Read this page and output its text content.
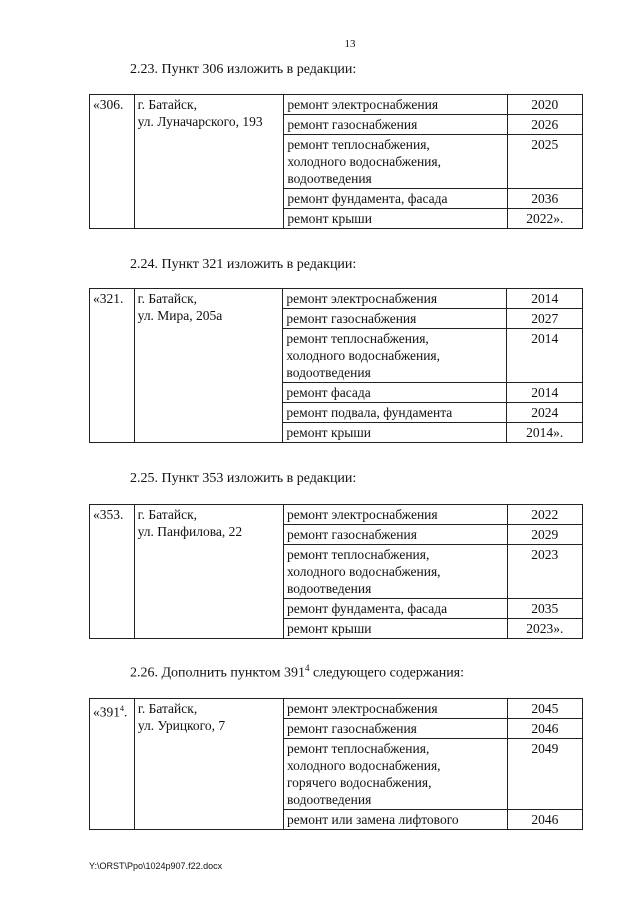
13
2.23. Пункт 306 изложить в редакции:
«306.	г. Батайск,
ул. Луначарского, 193	ремонт электроснабжения	2020

		ремонт газоснабжения	2026

		ремонт теплоснабжения,
холодного водоснабжения,
водоотведения	2025

		ремонт фундамента, фасада	2036

		ремонт крыши	2022».
2.24. Пункт 321 изложить в редакции:
«321.	г. Батайск,
ул. Мира, 205а	ремонт электроснабжения	2014

		ремонт газоснабжения	2027

		ремонт теплоснабжения,
холодного водоснабжения,
водоотведения	2014

		ремонт фасада	2014

		ремонт подвала, фундамента	2024

		ремонт крыши	2014».
2.25. Пункт 353 изложить в редакции:
«353.	г. Батайск,
ул. Панфилова, 22	ремонт электроснабжения	2022

		ремонт газоснабжения	2029

		ремонт теплоснабжения,
холодного водоснабжения,
водоотведения	2023

		ремонт фундамента, фасада	2035

		ремонт крыши	2023».
2.26. Дополнить пунктом $391^4$ следующего содержания:
«$391^4$.	г. Батайск,
ул. Урицкого, 7	ремонт электроснабжения	2045

		ремонт газоснабжения	2046

		ремонт теплоснабжения,
холодного водоснабжения,
горячего водоснабжения,
водоотведения	2049

		ремонт или замена лифтового	2046
Y:\ORST\Ppo\1024p907.f22.docx
